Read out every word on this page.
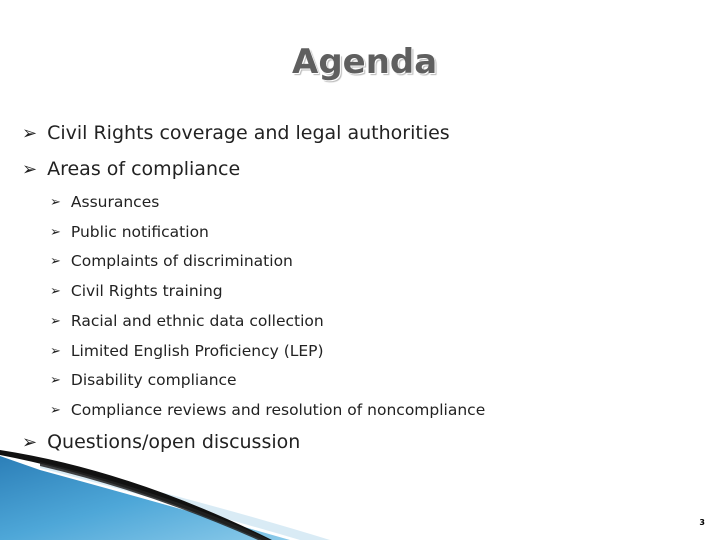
Agenda
➢ Civil Rights coverage and legal authorities
➢ Areas of compliance
➢ Assurances
➢ Public notification
➢ Complaints of discrimination
➢ Civil Rights training
➢ Racial and ethnic data collection
➢ Limited English Proficiency (LEP)
➢ Disability compliance
➢ Compliance reviews and resolution of noncompliance
➢ Questions/open discussion
3
